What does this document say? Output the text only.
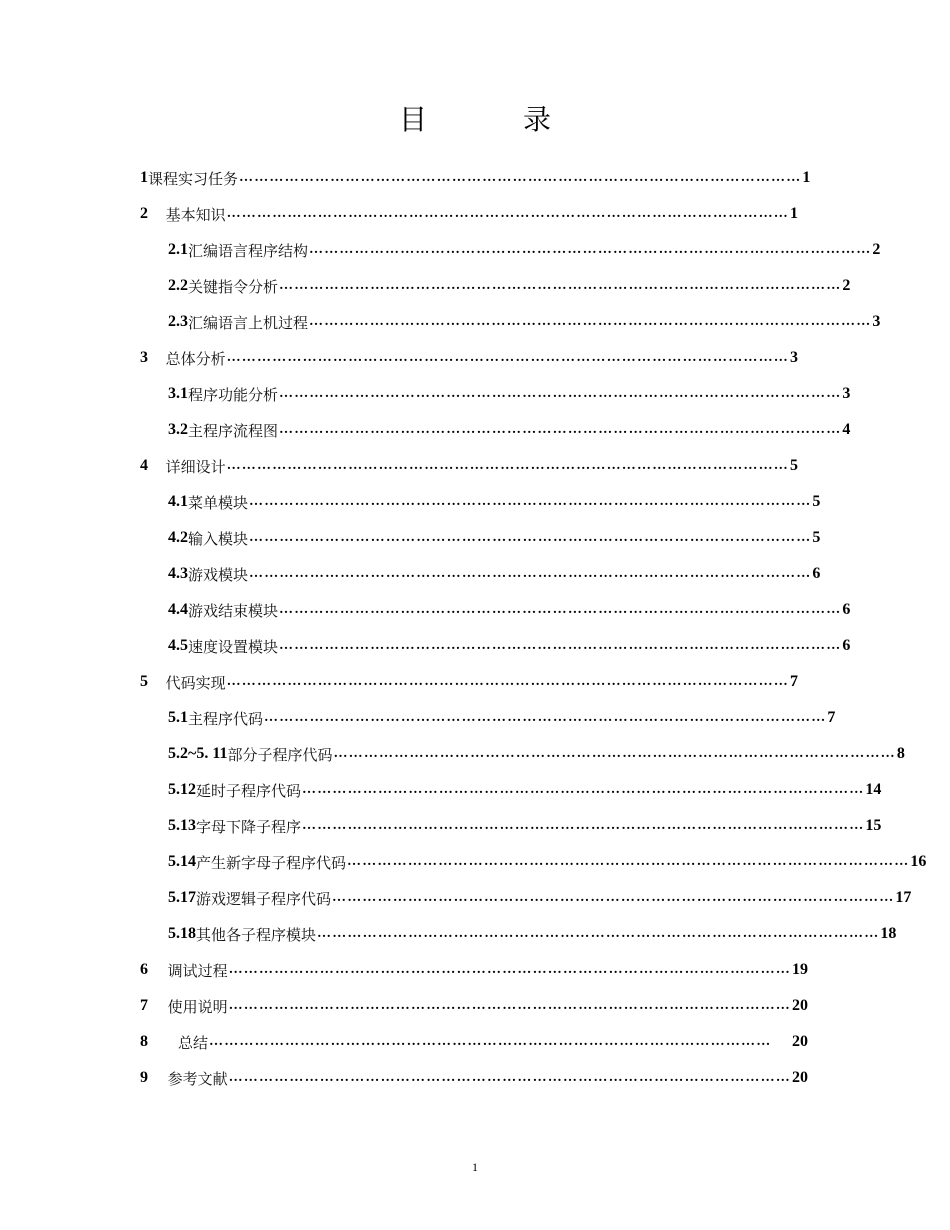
目　录
1 课程实习任务 ………………………………………………………………………………………………… 1
2	基本知识 ………………………………………………………………………………………………… 1
2.1 汇编语言程序结构 ………………………………………………………………………………………………… 2
2.2 关键指令分析 ………………………………………………………………………………………………… 2
2.3 汇编语言上机过程 ………………………………………………………………………………………………… 3
3	总体分析 ………………………………………………………………………………………………… 3
3.1 程序功能分析 ………………………………………………………………………………………………… 3
3.2 主程序流程图 ………………………………………………………………………………………………… 4
4	详细设计 ………………………………………………………………………………………………… 5
4.1 菜单模块 ………………………………………………………………………………………………… 5
4.2 输入模块 ………………………………………………………………………………………………… 5
4.3 游戏模块 ………………………………………………………………………………………………… 6
4.4 游戏结束模块 ………………………………………………………………………………………………… 6
4.5 速度设置模块 ………………………………………………………………………………………………… 6
5	代码实现 ………………………………………………………………………………………………… 7
5.1 主程序代码 ………………………………………………………………………………………………… 7
5.2~5. 11 部分子程序代码 ………………………………………………………………………………………………… 8
5.12 延时子程序代码 ………………………………………………………………………………………………… 14
5.13 字母下降子程序 ………………………………………………………………………………………………… 15
5.14 产生新字母子程序代码 ………………………………………………………………………………………………… 16
5.17 游戏逻辑子程序代码 ………………………………………………………………………………………………… 17
5.18 其他各子程序模块 ………………………………………………………………………………………………… 18
6	调试过程 ………………………………………………………………………………………………… 19
7	使用说明 ………………………………………………………………………………………………… 20
8	总结 …………………………………………………………………………………………………	20
9	参考文献 ………………………………………………………………………………………………… 20
1
